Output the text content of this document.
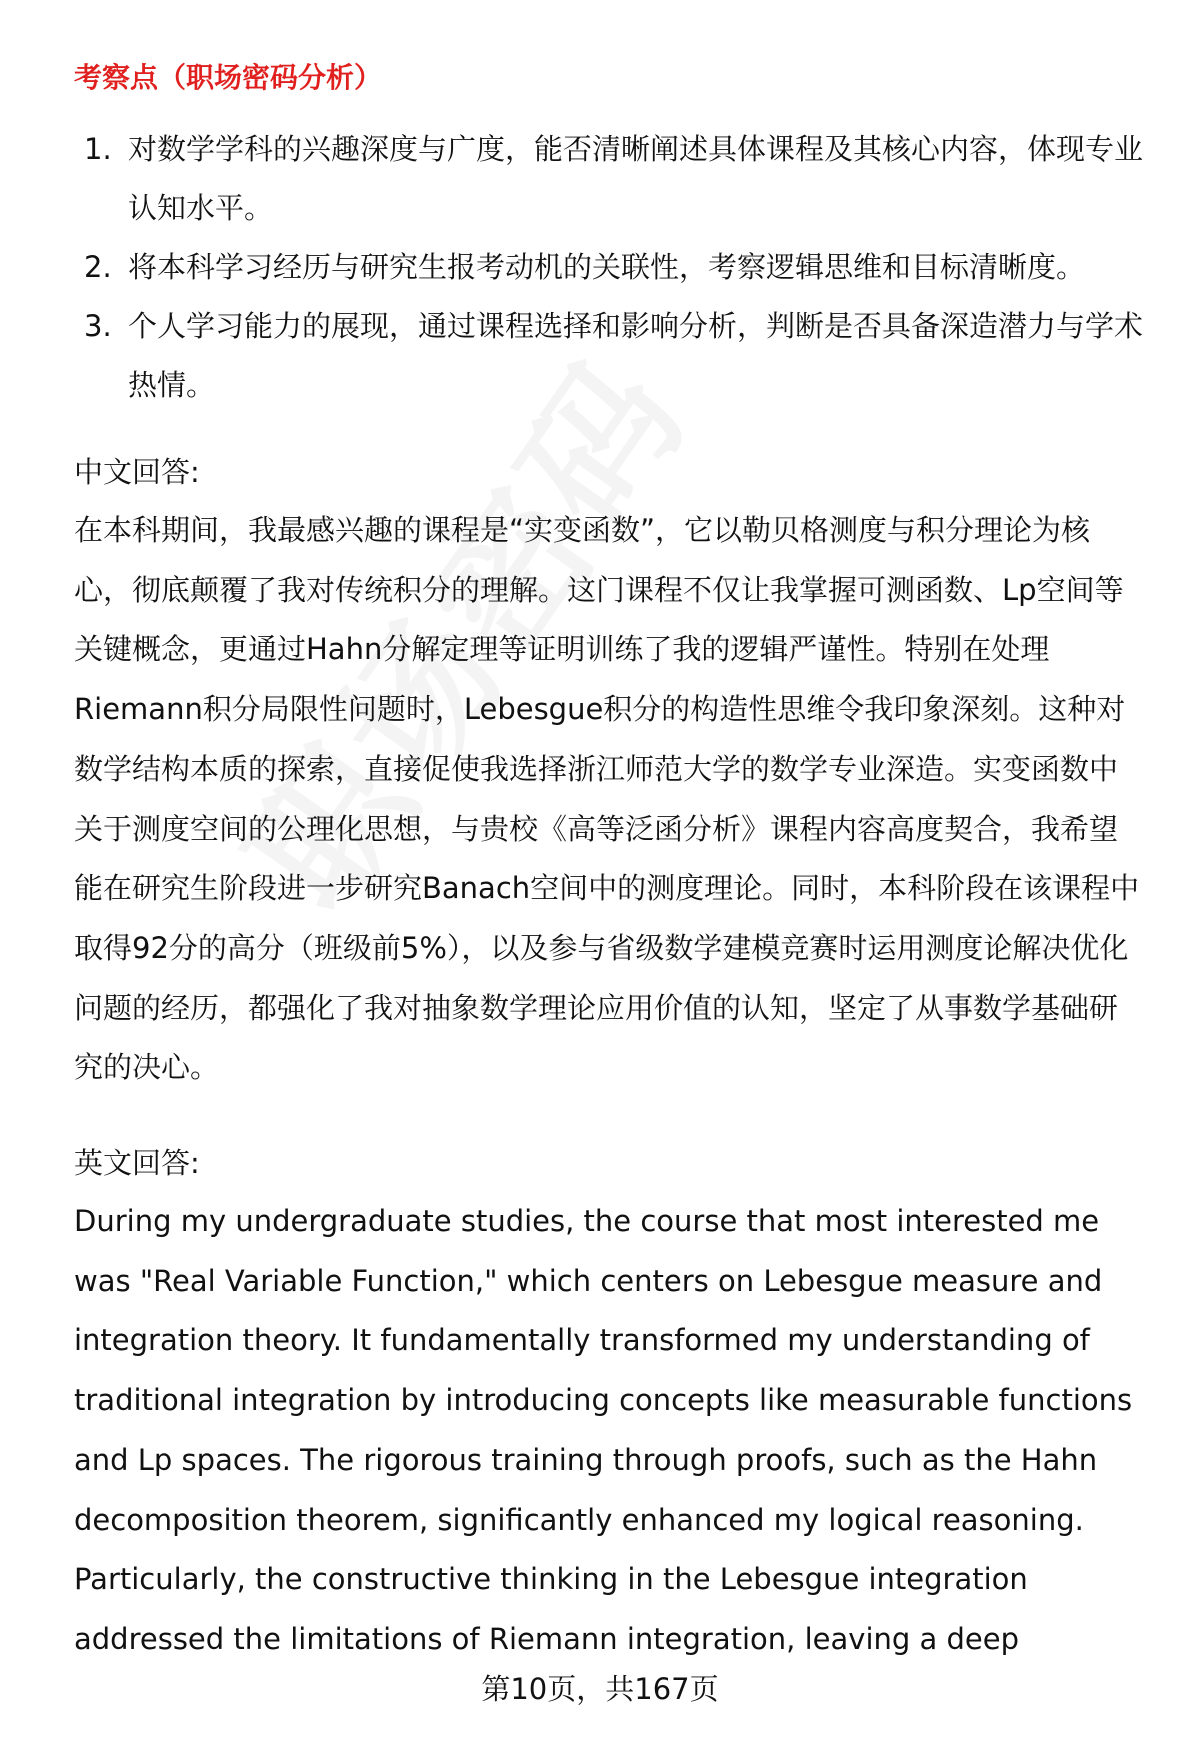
考察点（职场密码分析）
1. 对数学学科的兴趣深度与广度，能否清晰阐述具体课程及其核心内容，体现专业认知水平。
2. 将本科学习经历与研究生报考动机的关联性，考察逻辑思维和目标清晰度。
3. 个人学习能力的展现，通过课程选择和影响分析，判断是否具备深造潜力与学术热情。
中文回答:

在本科期间，我最感兴趣的课程是“实变函数”，它以勒贝格测度与积分理论为核心，彻底颠覆了我对传统积分的理解。这门课程不仅让我掌握可测函数、Lp空间等关键概念，更通过Hahn分解定理等证明训练了我的逻辑严谨性。特别在处理Riemann积分局限性问题时，Lebesgue积分的构造性思维令我印象深刻。这种对数学结构本质的探索，直接促使我选择浙江师范大学的数学专业深造。实变函数中关于测度空间的公理化思想，与贵校《高等泛函分析》课程内容高度契合，我希望能在研究生阶段进一步研究Banach空间中的测度理论。同时，本科阶段在该课程中取得92分的高分（班级前5%），以及参与省级数学建模竞赛时运用测度论解决优化问题的经历，都强化了我对抽象数学理论应用价值的认知，坚定了从事数学基础研究的决心。

英文回答:

During my undergraduate studies, the course that most interested me was "Real Variable Function," which centers on Lebesgue measure and integration theory. It fundamentally transformed my understanding of traditional integration by introducing concepts like measurable functions and Lp spaces. The rigorous training through proofs, such as the Hahn decomposition theorem, significantly enhanced my logical reasoning. Particularly, the constructive thinking in the Lebesgue integration addressed the limitations of Riemann integration, leaving a deep

第10页，共167页
